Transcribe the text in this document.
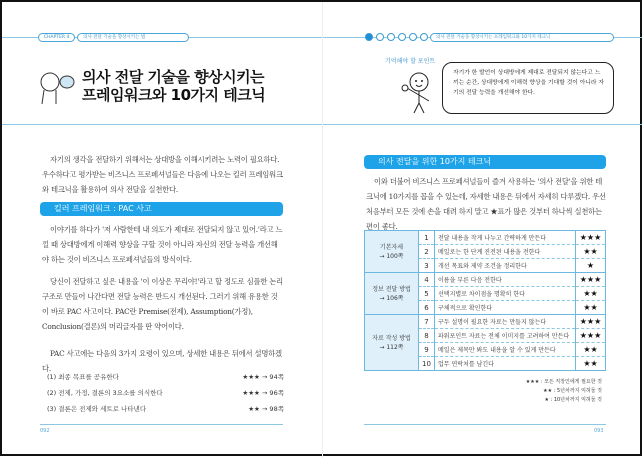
CHAPTER 4	의사 전달 기술을 향상시키는 법	의사 전달 기술을 향상시키는 프레임워크와 10가지 테크닉
의사 전달 기술을 향상시키는
프레임워크와 10가지 테크닉
기억해야 할 포인트
자기가 한 발언이 상대방에게 제대로 전달되지 않는다고 느끼는 순간, 상대방에게 이해력 향상을 기대할 것이 아니라 자기의 전달 능력을 개선해야 한다.
자기의 생각을 전달하기 위해서는 상대방을 이해시키려는 노력이 필요하다. 우수하다고 평가받는 비즈니스 프로페셔널들은 다음에 나오는 킬러 프레임워크와 테크닉을 활용하여 의사 전달을 실천한다.
킬러 프레임워크 : PAC 사고
이야기를 하다가 '저 사람한테 내 의도가 제대로 전달되지 않고 있어.'라고 느낄 때 상대방에게 이해력 향상을 구할 것이 아니라 자신의 전달 능력을 개선해야 하는 것이 비즈니스 프로페셔널들의 방식이다.
당신이 전달하고 싶은 내용을 '이 이상은 무리야!'라고 할 정도로 심플한 논리 구조로 만들어 나간다면 전달 능력은 반드시 개선된다. 그러기 위해 유용한 것이 바로 PAC 사고이다. PAC란 Premise(전제), Assumption(가정), Conclusion(결론)의 머리글자를 딴 약어이다.
PAC 사고에는 다음의 3가지 요령이 있으며, 상세한 내용은 뒤에서 설명하겠다.
(1) 최종 목표를 공유한다	★★★ → 94쪽
(2) 전제, 가정, 결론의 3요소를 의식한다	★★★ → 96쪽
(3) 결론은 전제와 세트로 나타낸다	★★ → 98쪽
092
의사 전달을 위한 10가지 테크닉
이와 더불어 비즈니스 프로페셔널들이 즐겨 사용하는 '의사 전달'을 위한 테크닉에 10가지를 꼽을 수 있는데, 자세한 내용은 뒤에서 자세히 다루겠다. 우선 처음부터 모든 것에 손을 대려 하지 말고 ★표가 많은 것부터 하나씩 실천하는 편이 좋다.
기본자세
→ 100쪽	1	전달 내용을 작게 나누고 간략하게 만든다	★★★
	2	메일로는 한 단계 진전된 내용을 전한다	★★
	3	개선 목표와 제약 조건을 정리한다	★

정보 전달 방법
→ 106쪽	4	이름을 부른 다음 전한다	★★★
	5	선택지별로 차이점을 명확히 한다	★★
	6	구체적으로 확인한다	★★

자료 작성 방법
→ 112쪽	7	구두 설명이 필요한 자료는 만들지 않는다	★★★
	8	파워포인트 자료는 전체 이미지를 고려하여 만든다	★★★
	9	메일은 제목만 봐도 내용을 알 수 있게 만든다	★★
	10	업무 연락처를 남긴다	★★
★★★ : 모든 직장인에게 필요한 것
★★ : 5년차까지 익혀둘 것
★ : 10년차까지 익혀둘 것
093
